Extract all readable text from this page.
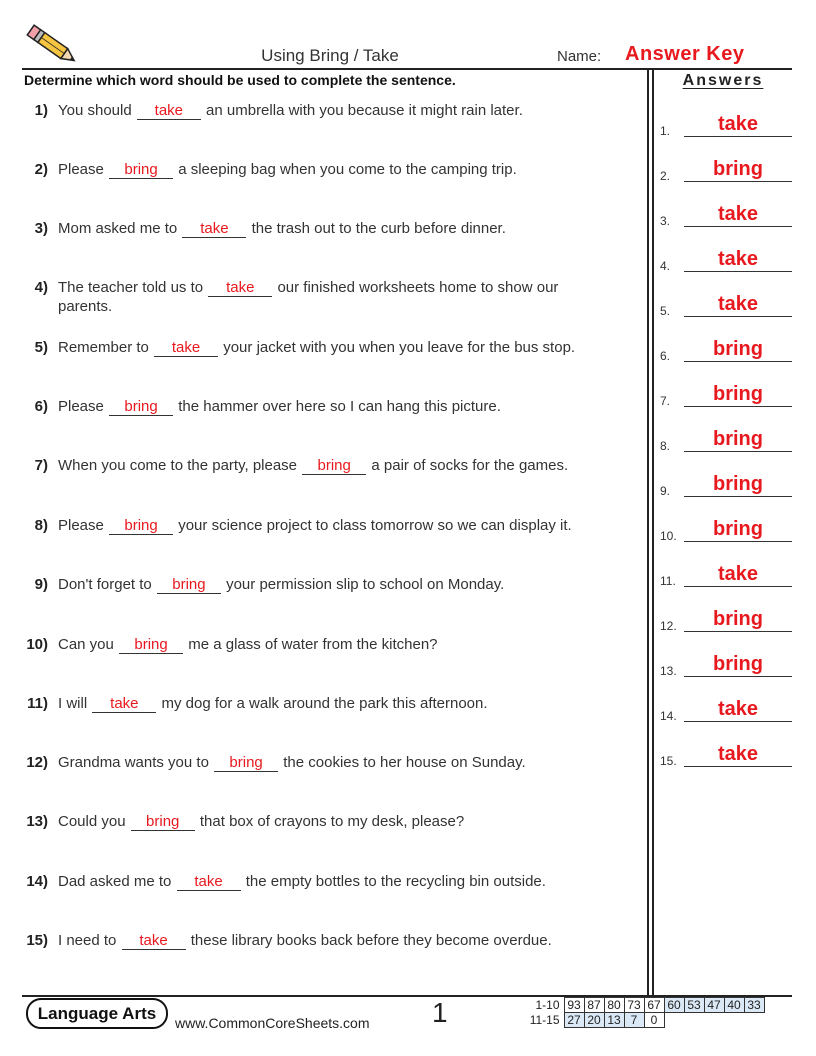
Using Bring / Take	Name: Answer Key
Determine which word should be used to complete the sentence.	Answers
1) You should take an umbrella with you because it might rain later.
2) Please bring a sleeping bag when you come to the camping trip.
3) Mom asked me to take the trash out to the curb before dinner.
4) The teacher told us to take our finished worksheets home to show our parents.
5) Remember to take your jacket with you when you leave for the bus stop.
6) Please bring the hammer over here so I can hang this picture.
7) When you come to the party, please bring a pair of socks for the games.
8) Please bring your science project to class tomorrow so we can display it.
9) Don't forget to bring your permission slip to school on Monday.
10) Can you bring me a glass of water from the kitchen?
11) I will take my dog for a walk around the park this afternoon.
12) Grandma wants you to bring the cookies to her house on Sunday.
13) Could you bring that box of crayons to my desk, please?
14) Dad asked me to take the empty bottles to the recycling bin outside.
15) I need to take these library books back before they become overdue.
1.	take
2.	bring
3.	take
4.	take
5.	take
6.	bring
7.	bring
8.	bring
9.	bring
10.	bring
11.	take
12.	bring
13.	bring
14.	take
15.	take
Language Arts	www.CommonCoreSheets.com 1	1-10	93	87	80	73	67	60	53	47	40	33
11-15	27	20	13	7	0					
